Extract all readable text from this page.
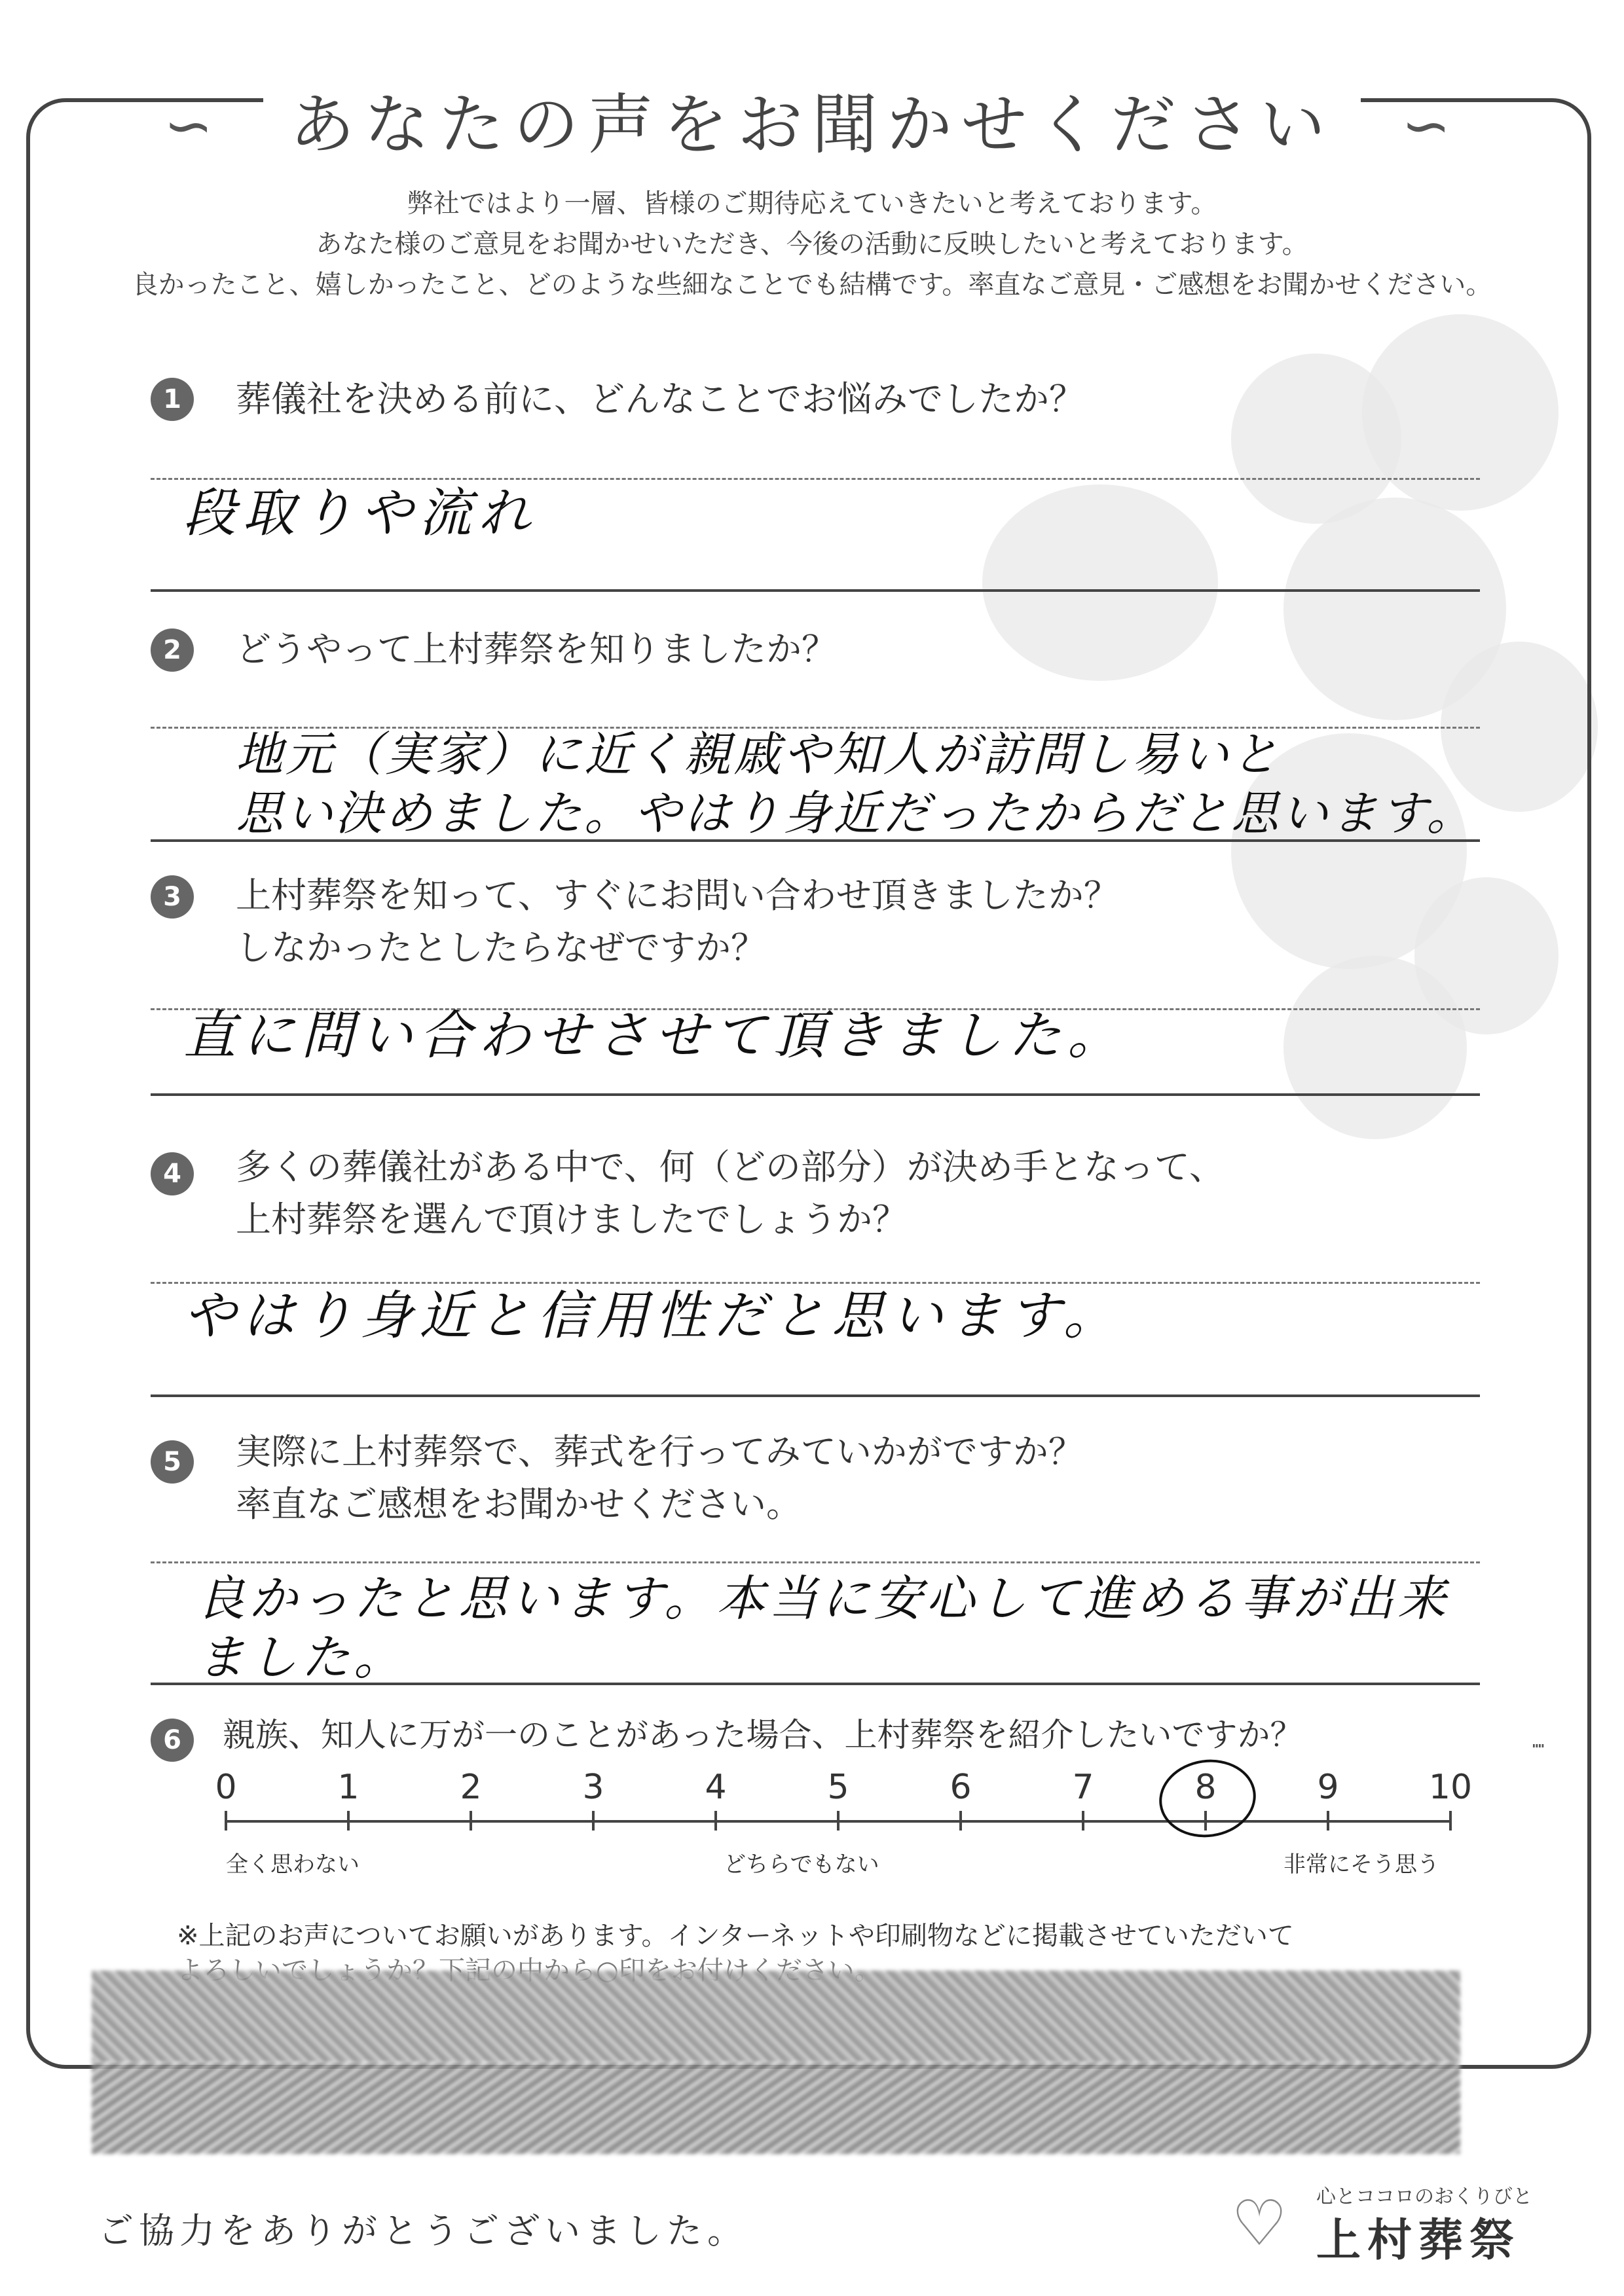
あなたの声をお聞かせください
∽	∽
弊社ではより一層、皆様のご期待応えていきたいと考えております。
あなた様のご意見をお聞かせいただき、今後の活動に反映したいと考えております。
良かったこと、嬉しかったこと、どのような些細なことでも結構です。率直なご意見・ご感想をお聞かせください。
1	葬儀社を決める前に、どんなことでお悩みでしたか？
段取りや流れ
2	どうやって上村葬祭を知りましたか？
地元（実家）に近く親戚や知人が訪問し易いと
思い決めました。やはり身近だったからだと思います。
3	上村葬祭を知って、すぐにお問い合わせ頂きましたか？
しなかったとしたらなぜですか？
直に問い合わせさせて頂きました。
4	多くの葬儀社がある中で、何（どの部分）が決め手となって、
上村葬祭を選んで頂けましたでしょうか？
やはり身近と信用性だと思います。
5	実際に上村葬祭で、葬式を行ってみていかがですか？
率直なご感想をお聞かせください。
良かったと思います。本当に安心して進める事が出来
ました。
6	親族、知人に万が一のことがあった場合、上村葬祭を紹介したいですか？
0	1	2	3	4	5	6	7	8	9	10
全く思わない	どちらでもない	非常にそう思う
┉
※上記のお声についてお願いがあります。インターネットや印刷物などに掲載させていただいて
ご協力をありがとうございました。	♡ 心とココロのおくりびと
上村葬祭
